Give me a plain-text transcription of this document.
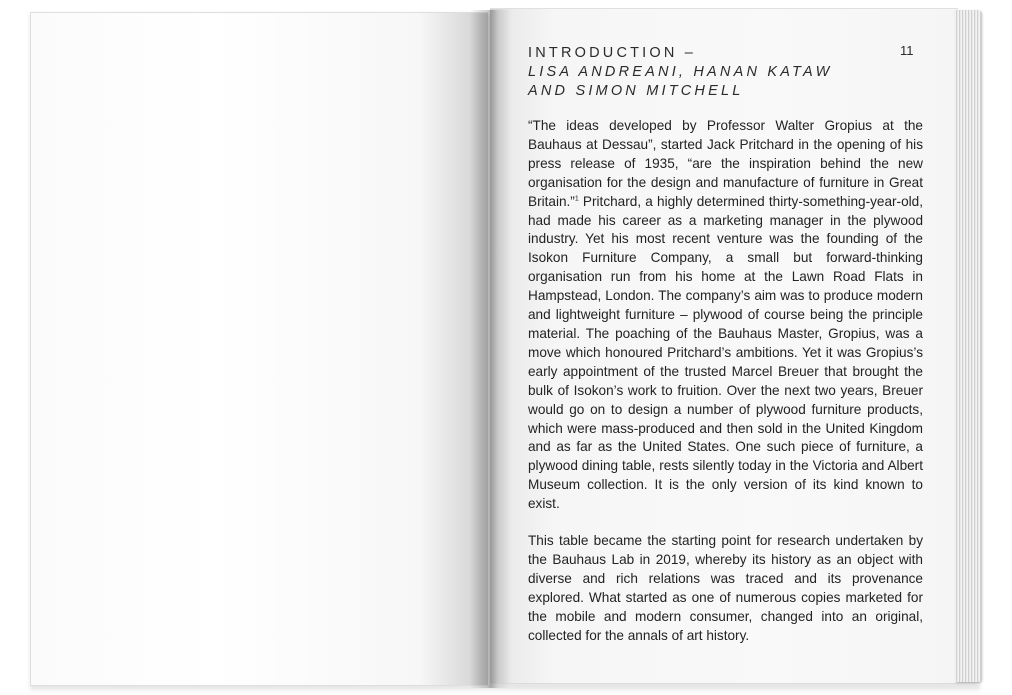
INTRODUCTION –
LISA ANDREANI, HANAN KATAW
AND SIMON MITCHELL
11

“The ideas developed by Professor Walter Gropius at the Bauhaus at Dessau”, started Jack Pritchard in the opening of his press release of 1935, “are the inspiration behind the new organisation for the design and manufacture of furniture in Great Britain.”$^1$ Pritchard, a highly determined thirty-something-year-old, had made his career as a marketing manager in the plywood industry. Yet his most recent venture was the founding of the Isokon Furniture Company, a small but forward-thinking organisation run from his home at the Lawn Road Flats in Hampstead, London. The company’s aim was to produce modern and lightweight furniture – plywood of course being the principle material. The poaching of the Bauhaus Master, Gropius, was a move which honoured Pritchard’s ambitions. Yet it was Gropius’s early appointment of the trusted Marcel Breuer that brought the bulk of Isokon’s work to fruition. Over the next two years, Breuer would go on to design a number of plywood furniture products, which were mass-produced and then sold in the United Kingdom and as far as the United States. One such piece of furniture, a plywood dining table, rests silently today in the Victoria and Albert Museum collection. It is the only version of its kind known to exist.

This table became the starting point for research undertaken by the Bauhaus Lab in 2019, whereby its history as an object with diverse and rich relations was traced and its provenance explored. What started as one of numerous copies marketed for the mobile and modern consumer, changed into an original, collected for the annals of art history.
